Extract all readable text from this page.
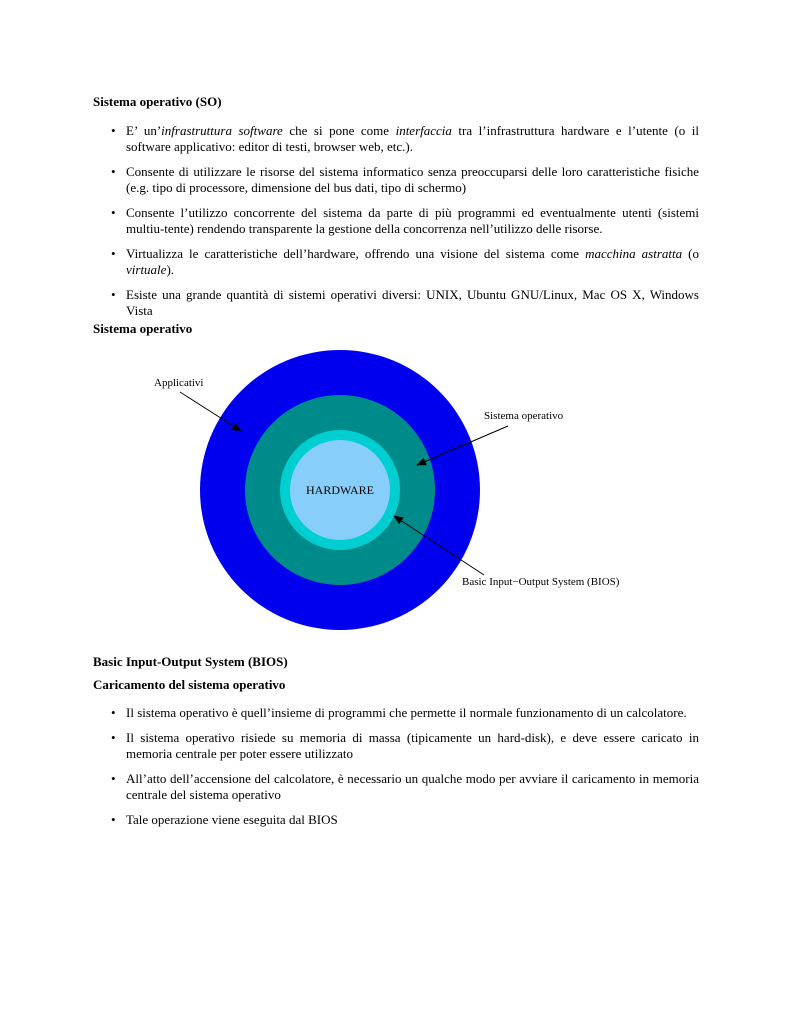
Sistema operativo (SO)
• E’ un’infrastruttura software che si pone come interfaccia tra l’infrastruttura hardware e l’utente (o il software applicativo: editor di testi, browser web, etc.).
• Consente di utilizzare le risorse del sistema informatico senza preoccuparsi delle loro caratteristiche fisiche (e.g. tipo di processore, dimensione del bus dati, tipo di schermo)
• Consente l’utilizzo concorrente del sistema da parte di più programmi ed eventualmente utenti (sistemi multiu-tente) rendendo transparente la gestione della concorrenza nell’utilizzo delle risorse.
• Virtualizza le caratteristiche dell’hardware, offrendo una visione del sistema come macchina astratta (o virtuale).
• Esiste una grande quantità di sistemi operativi diversi: UNIX, Ubuntu GNU/Linux, Mac OS X, Windows Vista
Sistema operativo
HARDWARE
Applicativi
Sistema operativo
Basic Input−Output System (BIOS)
Basic Input-Output System (BIOS)
Caricamento del sistema operativo
• Il sistema operativo è quell’insieme di programmi che permette il normale funzionamento di un calcolatore.
• Il sistema operativo risiede su memoria di massa (tipicamente un hard-disk), e deve essere caricato in memoria centrale per poter essere utilizzato
• All’atto dell’accensione del calcolatore, è necessario un qualche modo per avviare il caricamento in memoria centrale del sistema operativo
• Tale operazione viene eseguita dal BIOS
